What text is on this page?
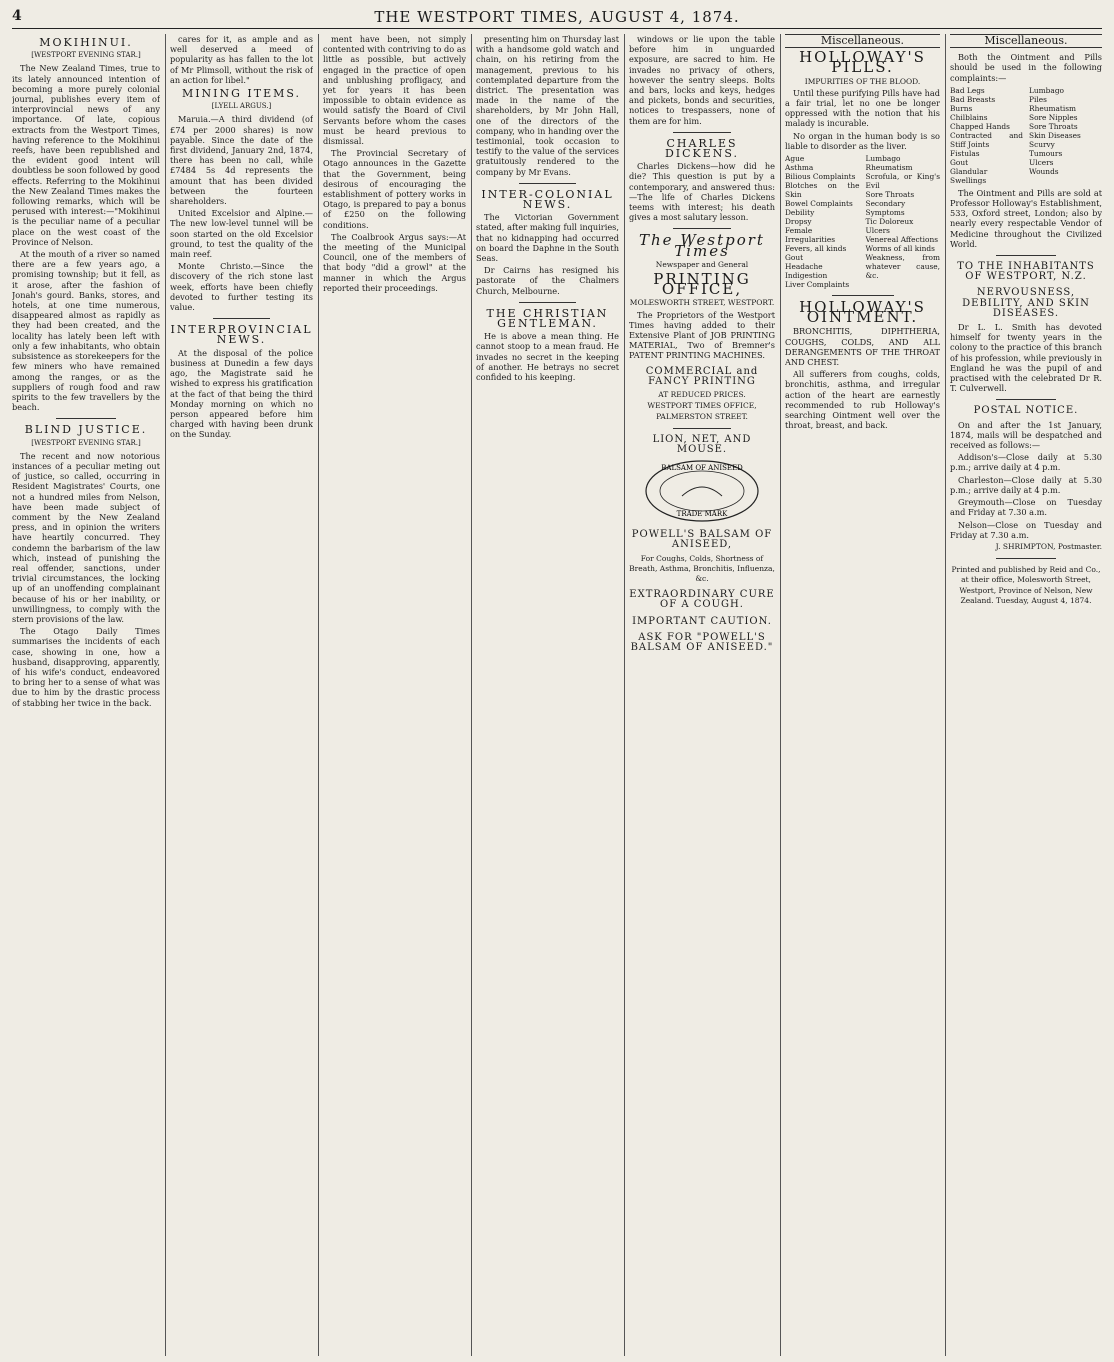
4	THE WESTPORT TIMES, AUGUST 4, 1874.
MOKIHINUI.
[WESTPORT EVENING STAR.]

The New Zealand Times, true to its lately announced intention of becoming a more purely colonial journal, publishes every item of interprovincial news of any importance. Of late, copious extracts from the Westport Times, having reference to the Mokihinui reefs, have been republished and the evident good intent will doubtless be soon followed by good effects. Referring to the Mokihinui the New Zealand Times makes the following remarks, which will be perused with interest:—"Mokihinui is the peculiar name of a peculiar place on the west coast of the Province of Nelson.

At the mouth of a river so named there are a few years ago, a promising township; but it fell, as it arose, after the fashion of Jonah's gourd. Banks, stores, and hotels, at one time numerous, disappeared almost as rapidly as they had been created, and the locality has lately been left with only a few inhabitants, who obtain subsistence as storekeepers for the few miners who have remained among the ranges, or as the suppliers of rough food and raw spirits to the few travellers by the beach.

BLIND JUSTICE.
[WESTPORT EVENING STAR.]

The recent and now notorious instances of a peculiar meting out of justice, so called, occurring in Resident Magistrates' Courts, one not a hundred miles from Nelson, have been made subject of comment by the New Zealand press, and in opinion the writers have heartily concurred. They condemn the barbarism of the law which, instead of punishing the real offender, sanctions, under trivial circumstances, the locking up of an unoffending complainant because of his or her inability, or unwillingness, to comply with the stern provisions of the law.

The Otago Daily Times summarises the incidents of each case, showing in one, how a husband, disapproving, apparently, of his wife's conduct, endeavored to bring her to a sense of what was due to him by the drastic process of stabbing her twice in the back.

cares for it, as ample and as well deserved a meed of popularity as has fallen to the lot of Mr Plimsoll, without the risk of an action for libel."

MINING ITEMS.
[LYELL ARGUS.]

Maruia.—A third dividend (of £74 per 2000 shares) is now payable. Since the date of the first dividend, January 2nd, 1874, there has been no call, while £7484 5s 4d represents the amount that has been divided between the fourteen shareholders.

United Excelsior and Alpine.—The new low-level tunnel will be soon started on the old Excelsior ground, to test the quality of the main reef.

Monte Christo.—Since the discovery of the rich stone last week, efforts have been chiefly devoted to further testing its value.

INTERPROVINCIAL NEWS.

At the disposal of the police business at Dunedin a few days ago, the Magistrate said he wished to express his gratification at the fact of that being the third Monday morning on which no person appeared before him charged with having been drunk on the Sunday.

ment have been, not simply contented with contriving to do as little as possible, but actively engaged in the practice of open and unblushing profligacy, and yet for years it has been impossible to obtain evidence as would satisfy the Board of Civil Servants before whom the cases must be heard previous to dismissal.

The Provincial Secretary of Otago announces in the Gazette that the Government, being desirous of encouraging the establishment of pottery works in Otago, is prepared to pay a bonus of £250 on the following conditions.

The Coalbrook Argus says:—At the meeting of the Municipal Council, one of the members of that body "did a growl" at the manner in which the Argus reported their proceedings.

presenting him on Thursday last with a handsome gold watch and chain, on his retiring from the management, previous to his contemplated departure from the district. The presentation was made in the name of the shareholders, by Mr John Hall, one of the directors of the company, who in handing over the testimonial, took occasion to testify to the value of the services gratuitously rendered to the company by Mr Evans.

INTER-COLONIAL NEWS.

The Victorian Government stated, after making full inquiries, that no kidnapping had occurred on board the Daphne in the South Seas.

Dr Cairns has resigned his pastorate of the Chalmers Church, Melbourne.

THE CHRISTIAN GENTLEMAN.

He is above a mean thing. He cannot stoop to a mean fraud. He invades no secret in the keeping of another. He betrays no secret confided to his keeping.

windows or lie upon the table before him in unguarded exposure, are sacred to him. He invades no privacy of others, however the sentry sleeps. Bolts and bars, locks and keys, hedges and pickets, bonds and securities, notices to trespassers, none of them are for him.

CHARLES DICKENS.

Charles Dickens—how did he die? This question is put by a contemporary, and answered thus:—The life of Charles Dickens teems with interest; his death gives a most salutary lesson.

The Westport Times
Newspaper and General
PRINTING OFFICE,
MOLESWORTH STREET, WESTPORT.

The Proprietors of the Westport Times having added to their Extensive Plant of JOB PRINTING MATERIAL, Two of Bremner's PATENT PRINTING MACHINES.

COMMERCIAL and FANCY PRINTING
AT REDUCED PRICES.
WESTPORT TIMES OFFICE, PALMERSTON STREET.
LION, NET, AND MOUSE.
BALSAM OF ANISEED
TRADE MARK
POWELL'S BALSAM OF ANISEED,
For Coughs, Colds, Shortness of Breath, Asthma, Bronchitis, Influenza, &c.
EXTRAORDINARY CURE OF A COUGH.
IMPORTANT CAUTION.
ASK FOR "POWELL'S BALSAM OF ANISEED."
Miscellaneous.
HOLLOWAY'S PILLS.
IMPURITIES OF THE BLOOD.

Until these purifying Pills have had a fair trial, let no one be longer oppressed with the notion that his malady is incurable.

No organ in the human body is so liable to disorder as the liver.

Ague
Asthma
Bilious Complaints
Blotches on the Skin
Bowel Complaints
Debility
Dropsy
Female Irregularities
Fevers, all kinds
Gout
Headache
Indigestion
Liver Complaints
Lumbago
Rheumatism
Scrofula, or King's Evil
Sore Throats
Secondary Symptoms
Tic Doloreux
Ulcers
Venereal Affections
Worms of all kinds
Weakness, from whatever cause, &c.
HOLLOWAY'S OINTMENT.

BRONCHITIS, DIPHTHERIA, COUGHS, COLDS, AND ALL DERANGEMENTS OF THE THROAT AND CHEST.

All sufferers from coughs, colds, bronchitis, asthma, and irregular action of the heart are earnestly recommended to rub Holloway's searching Ointment well over the throat, breast, and back.

Miscellaneous.

Both the Ointment and Pills should be used in the following complaints:—

Bad Legs
Bad Breasts
Burns
Chilblains
Chapped Hands
Contracted and Stiff Joints
Fistulas
Gout
Glandular Swellings
Lumbago
Piles
Rheumatism
Sore Nipples
Sore Throats
Skin Diseases
Scurvy
Tumours
Ulcers
Wounds

The Ointment and Pills are sold at Professor Holloway's Establishment, 533, Oxford street, London; also by nearly every respectable Vendor of Medicine throughout the Civilized World.

TO THE INHABITANTS OF WESTPORT, N.Z.
NERVOUSNESS, DEBILITY, AND SKIN DISEASES.

Dr L. L. Smith has devoted himself for twenty years in the colony to the practice of this branch of his profession, while previously in England he was the pupil of and practised with the celebrated Dr R. T. Culverwell.

POSTAL NOTICE.

On and after the 1st January, 1874, mails will be despatched and received as follows:—

Addison's—Close daily at 5.30 p.m.; arrive daily at 4 p.m.

Charleston—Close daily at 5.30 p.m.; arrive daily at 4 p.m.

Greymouth—Close on Tuesday and Friday at 7.30 a.m.

Nelson—Close on Tuesday and Friday at 7.30 a.m.

J. SHRIMPTON, Postmaster.
Printed and published by Reid and Co., at their office, Molesworth Street, Westport, Province of Nelson, New Zealand. Tuesday, August 4, 1874.
